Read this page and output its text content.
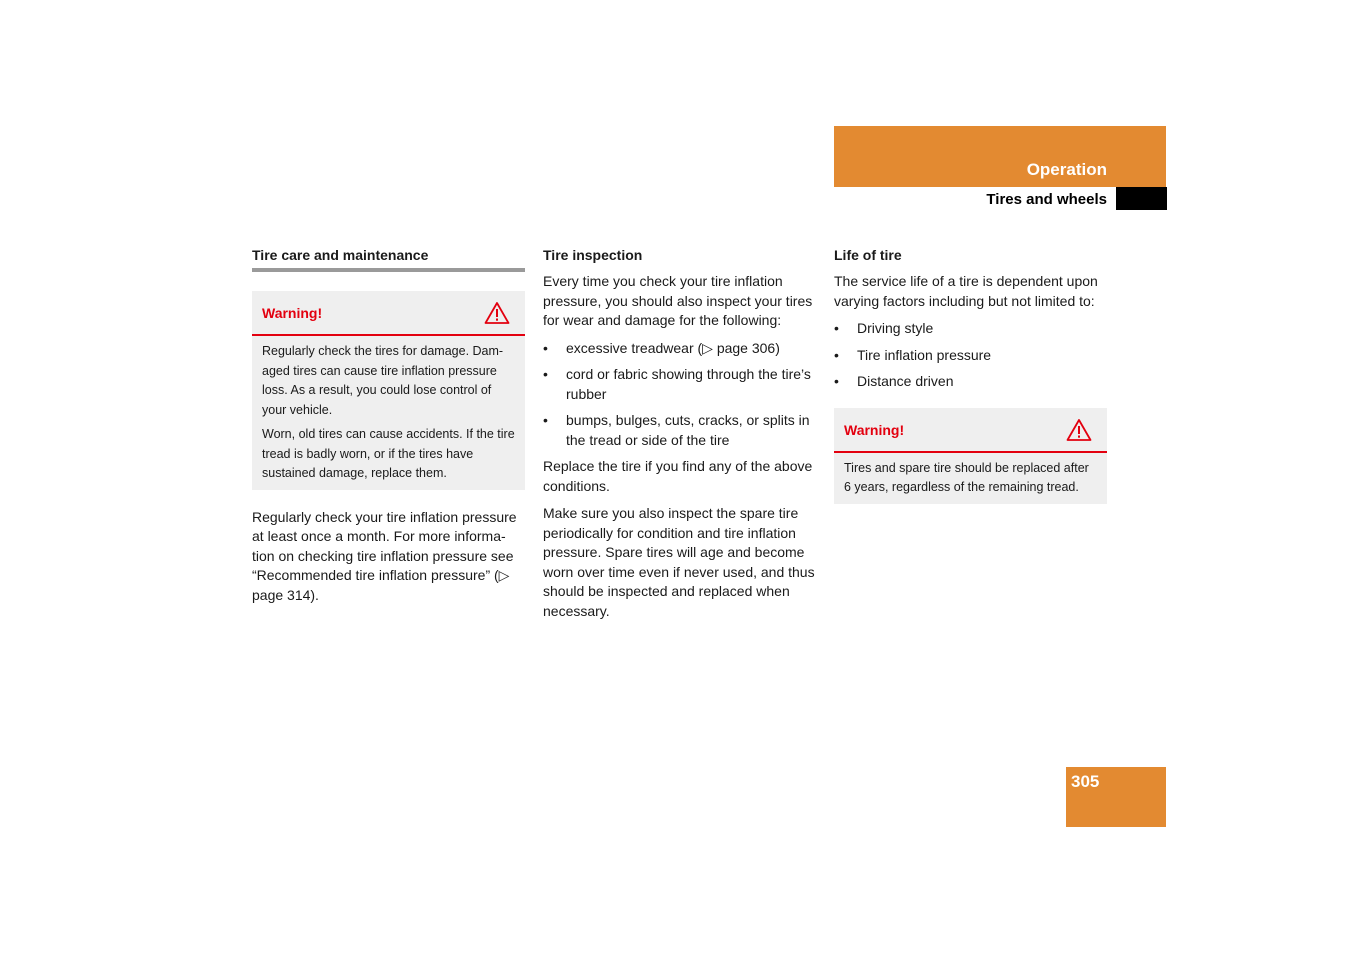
Operation
Tires and wheels
Tire care and maintenance
Warning!

Regularly check the tires for damage. Dam-aged tires can cause tire inflation pressure loss. As a result, you could lose control of your vehicle.

Worn, old tires can cause accidents. If the tire tread is badly worn, or if the tires have sustained damage, replace them.

Regularly check your tire inflation pressure at least once a month. For more informa-tion on checking tire inflation pressure see “Recommended tire inflation pressure” (▷ page 314).

Tire inspection

Every time you check your tire inflation pressure, you should also inspect your tires for wear and damage for the following:

• excessive treadwear (▷ page 306)
• cord or fabric showing through the tire’s rubber
• bumps, bulges, cuts, cracks, or splits in the tread or side of the tire

Replace the tire if you find any of the above conditions.

Make sure you also inspect the spare tire periodically for condition and tire inflation pressure. Spare tires will age and become worn over time even if never used, and thus should be inspected and replaced when necessary.

Life of tire

The service life of a tire is dependent upon varying factors including but not limited to:

• Driving style
• Tire inflation pressure
• Distance driven
Warning!

Tires and spare tire should be replaced after 6 years, regardless of the remaining tread.

305
